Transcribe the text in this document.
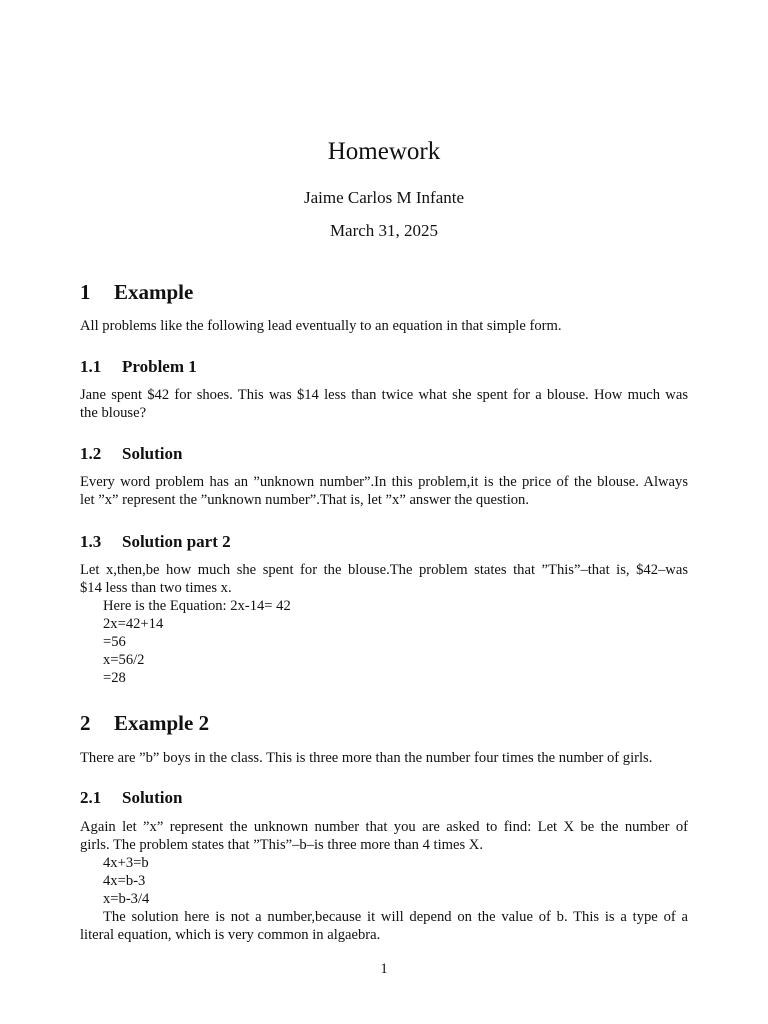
Homework
Jaime Carlos M Infante
March 31, 2025
1 Example
All problems like the following lead eventually to an equation in that simple form.
1.1 Problem 1
Jane spent $42 for shoes. This was $14 less than twice what she spent for a blouse. How much was
the blouse?
1.2 Solution
Every word problem has an ”unknown number”.In this problem,it is the price of the blouse. Always
let ”x” represent the ”unknown number”.That is, let ”x” answer the question.
1.3 Solution part 2
Let x,then,be how much she spent for the blouse.The problem states that ”This”–that is, $42–was
$14 less than two times x.
Here is the Equation: 2x-14= 42
2x=42+14
=56
x=56/2
=28
2 Example 2
There are ”b” boys in the class. This is three more than the number four times the number of girls.
2.1 Solution
Again let ”x” represent the unknown number that you are asked to find: Let X be the number of
girls. The problem states that ”This”–b–is three more than 4 times X.
4x+3=b
4x=b-3
x=b-3/4
The solution here is not a number,because it will depend on the value of b. This is a type of a
literal equation, which is very common in algaebra.
1
